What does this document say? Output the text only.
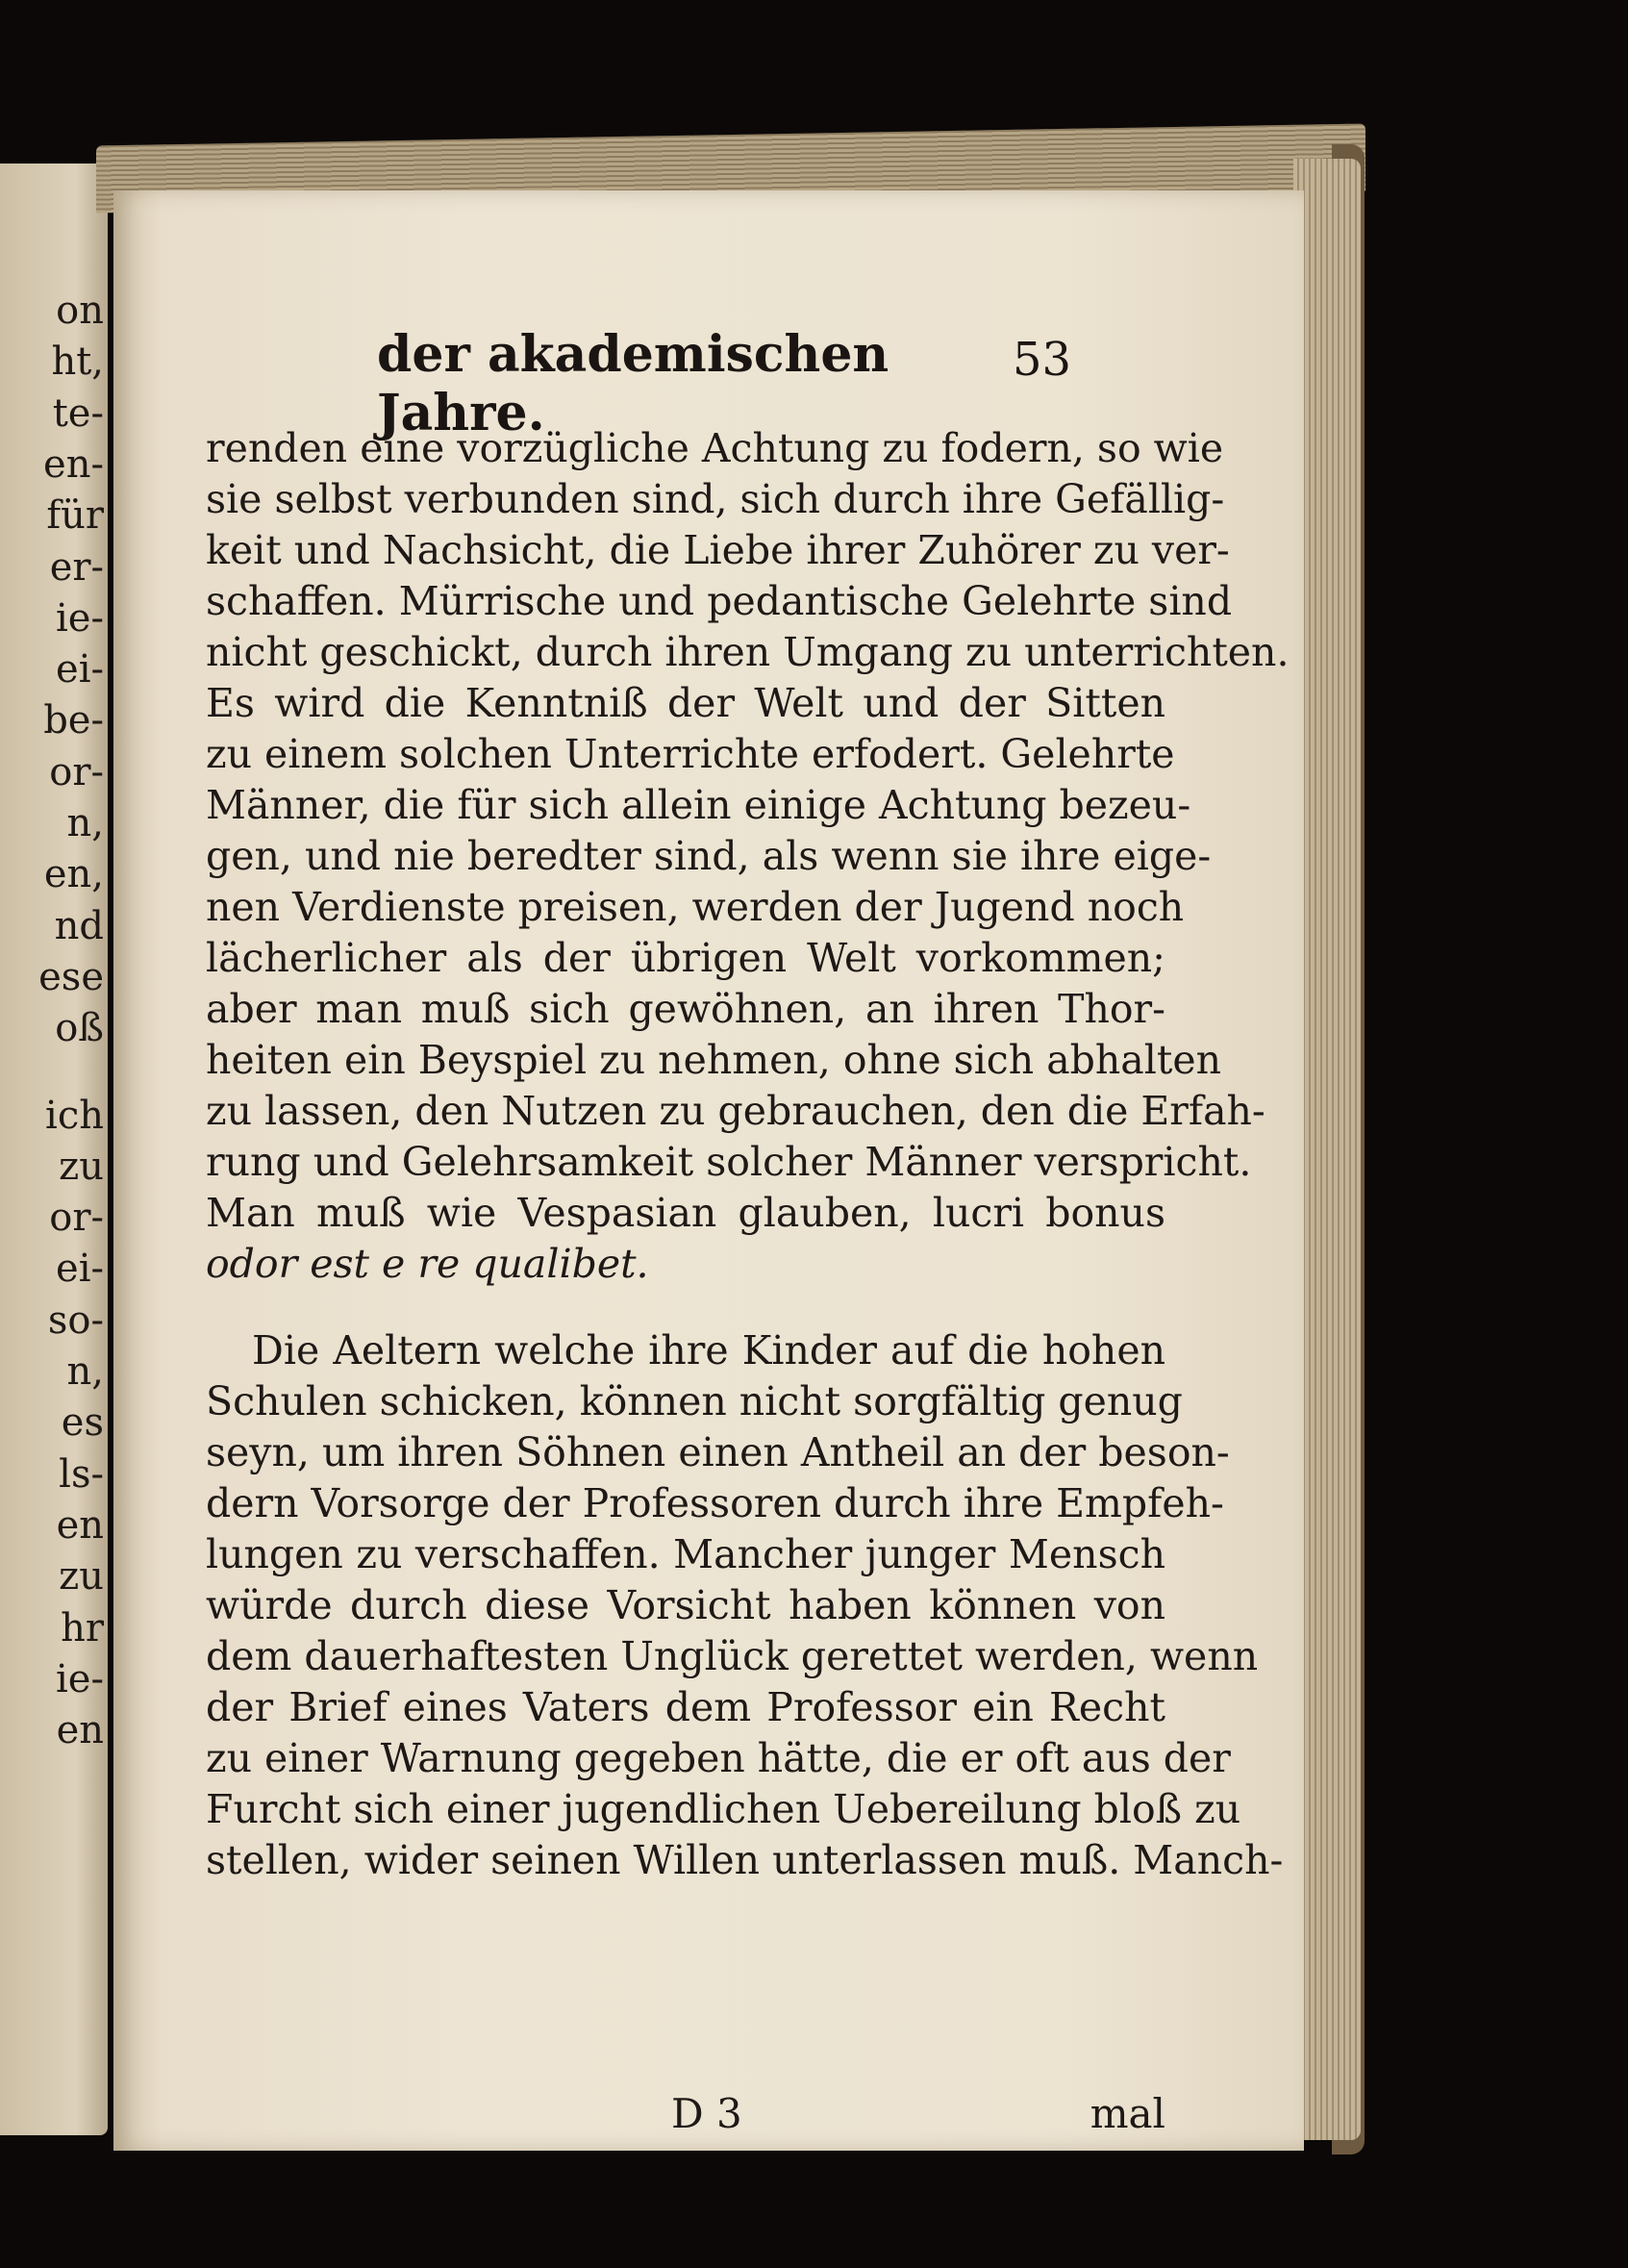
on
ht,
te-
en-
für
er-
ie-
ei-
be-
or-
n,
en,
nd
ese
oß
ich
zu
or-
ei-
so-
n,
es
ls-
en
zu
hr
ie-
en
der akademischen Jahre.
53
renden eine vorzügliche Achtung zu fodern, so wie
sie selbst verbunden sind, sich durch ihre Gefällig-
keit und Nachsicht, die Liebe ihrer Zuhörer zu ver-
schaffen. Mürrische und pedantische Gelehrte sind
nicht geschickt, durch ihren Umgang zu unterrichten.
Es wird die Kenntniß der Welt und der Sitten
zu einem solchen Unterrichte erfodert. Gelehrte
Männer, die für sich allein einige Achtung bezeu-
gen, und nie beredter sind, als wenn sie ihre eige-
nen Verdienste preisen, werden der Jugend noch
lächerlicher als der übrigen Welt vorkommen;
aber man muß sich gewöhnen, an ihren Thor-
heiten ein Beyspiel zu nehmen, ohne sich abhalten
zu lassen, den Nutzen zu gebrauchen, den die Erfah-
rung und Gelehrsamkeit solcher Männer verspricht.
Man muß wie Vespasian glauben, lucri bonus
odor est e re qualibet.
Die Aeltern welche ihre Kinder auf die hohen
Schulen schicken, können nicht sorgfältig genug
seyn, um ihren Söhnen einen Antheil an der beson-
dern Vorsorge der Professoren durch ihre Empfeh-
lungen zu verschaffen. Mancher junger Mensch
würde durch diese Vorsicht haben können von
dem dauerhaftesten Unglück gerettet werden, wenn
der Brief eines Vaters dem Professor ein Recht
zu einer Warnung gegeben hätte, die er oft aus der
Furcht sich einer jugendlichen Uebereilung bloß zu
stellen, wider seinen Willen unterlassen muß. Manch-
D 3	mal
